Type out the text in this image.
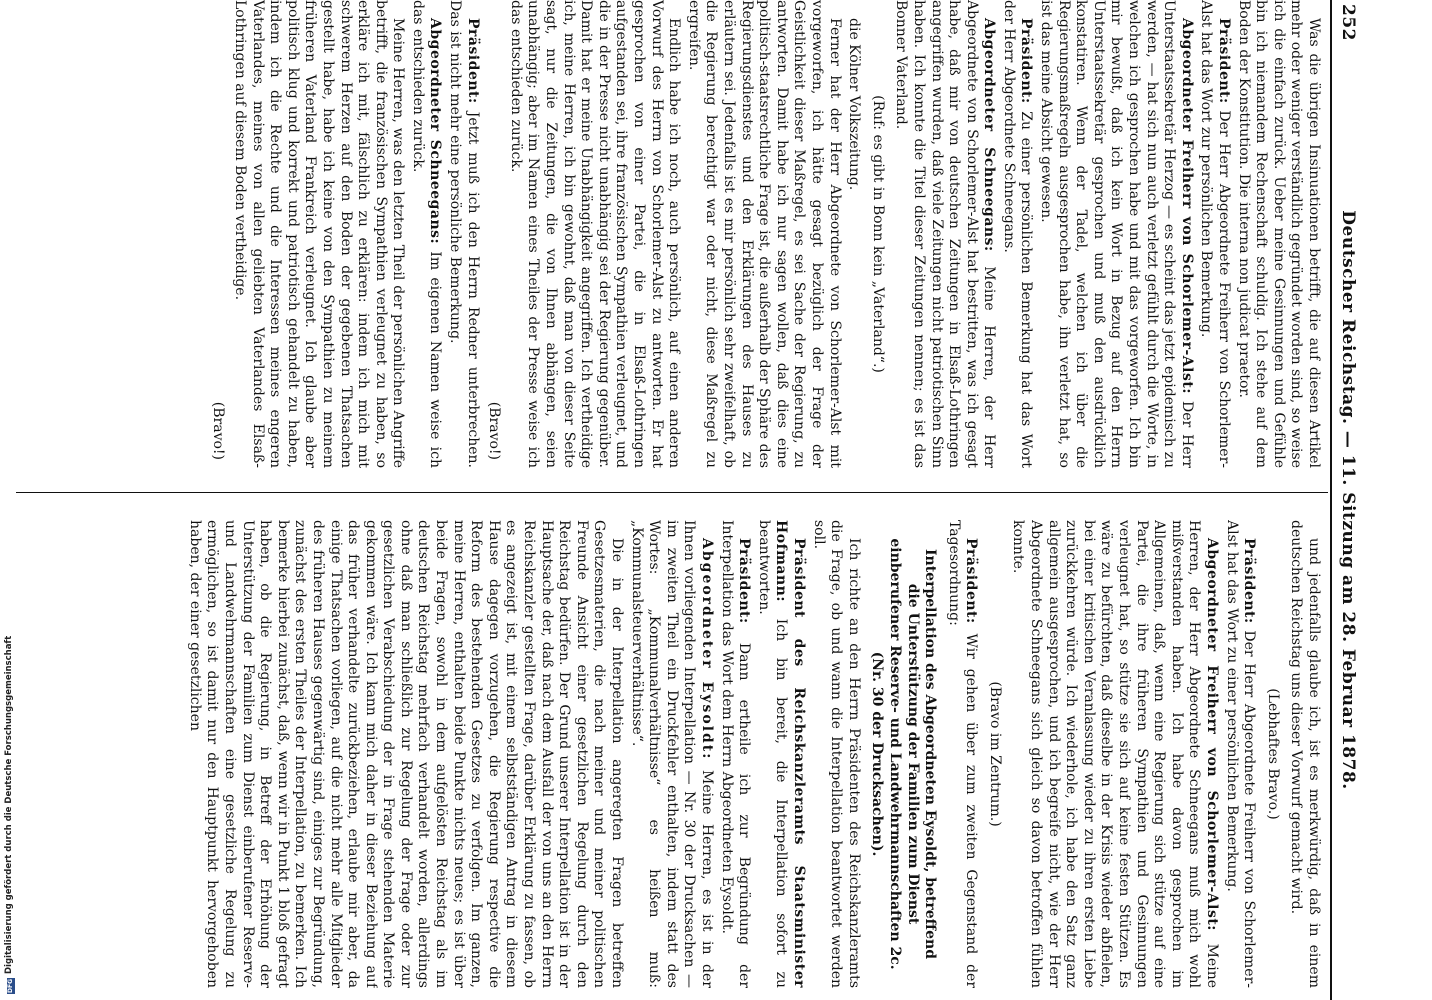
252
Deutscher Reichstag. — 11. Sitzung am 28. Februar 1878.

Was die übrigen Insinuationen betrifft, die auf diesen Artikel mehr oder weniger verständlich gegründet worden sind, so weise ich die einfach zurück. Ueber meine Gesinnungen und Gefühle bin ich niemandem Rechenschaft schuldig. Ich stehe auf dem Boden der Konstitution. Die interna non judicat praetor.

Präsident: Der Herr Abgeordnete Freiherr von Schorlemer-Alst hat das Wort zur persönlichen Bemerkung.

Abgeordneter Freiherr von Schorlemer-Alst: Der Herr Unterstaatssekretär Herzog — es scheint das jetzt epidemisch zu werden, — hat sich nun auch verletzt gefühlt durch die Worte, in welchen ich gesprochen habe und mit das vorgeworfen. Ich bin mir bewußt, daß ich kein Wort in Bezug auf den Herrn Unterstaatssekretär gesprochen und muß den ausdrücklich konstatiren. Wenn der Tadel, welchen ich über die Regierungsmaßregeln ausgesprochen habe, ihn verletzt hat, so ist das meine Absicht gewesen.

Präsident: Zu einer persönlichen Bemerkung hat das Wort der Herr Abgeordnete Schneegans.

Abgeordneter Schneegans: Meine Herren, der Herr Abgeordnete von Schorlemer-Alst hat bestritten, was ich gesagt habe, daß mir von deutschen Zeitungen in Elsaß-Lothringen angegriffen wurden, daß viele Zeitungen nicht patriotischen Sinn haben. Ich konnte die Titel dieser Zeitungen nennen; es ist das Bonner Vaterland.

(Ruf: es gibt in Bonn kein „Vaterland“.)

die Kölner Volkszeitung.

Ferner hat der Herr Abgeordnete von Schorlemer-Alst mit vorgeworfen, ich hätte gesagt bezüglich der Frage der Geistlichkeit dieser Maßregel, es sei Sache der Regierung, zu antworten. Damit habe ich nur sagen wollen, daß dies eine politisch-staatsrechtliche Frage ist, die außerhalb der Sphäre des Regierungsdienstes und den Erklärungen des Hauses zu erläutern sei. Jedenfalls ist es mir persönlich sehr zweifelhaft, ob die Regierung berechtigt war oder nicht, diese Maßregel zu ergreifen.

Endlich habe ich noch, auch persönlich, auf einen anderen Vorwurf des Herrn von Schorlemer-Alst zu antworten. Er hat gesprochen von einer Partei, die in Elsaß-Lothringen aufgestanden sei, ihre französischen Sympathien verleugnet, und die in der Presse nicht unabhängig sei der Regierung gegenüber. Damit hat er meine Unabhängigkeit angegriffen. Ich vertheidige ich, meine Herren, ich bin gewohnt, daß man von dieser Seite sagt, nur die Zeitungen, die von Ihnen abhängen, seien unabhängig; aber im Namen eines Theiles der Presse weise ich das entschieden zurück.

(Bravo!)

Präsident: Jetzt muß ich den Herrn Redner unterbrechen. Das ist nicht mehr eine persönliche Bemerkung.

Abgeordneter Schneegans: Im eigenen Namen weise ich das entschieden zurück.

Meine Herren, was den letzten Theil der persönlichen Angriffe betrifft, die französischen Sympathien verleugnet zu haben, so erkläre ich mit, fälschlich zu erklären: indem ich mich mit schwerem Herzen auf den Boden der gegebenen Thatsachen gestellt habe, habe ich keine von den Sympathien zu meinem früheren Vaterland Frankreich verleugnet. Ich glaube aber politisch klug und korrekt und patriotisch gehandelt zu haben, indem ich die Rechte und die Interessen meines engeren Vaterlandes, meines von allen geliebten Vaterlandes Elsaß-Lothringen auf diesem Boden vertheidige.

(Bravo!)

und jedenfalls glaube ich, ist es merkwürdig, daß in einem deutschen Reichstag uns dieser Vorwurf gemacht wird.

(Lebhaftes Bravo.)

Präsident: Der Herr Abgeordnete Freiherr von Schorlemer-Alst hat das Wort zu einer persönlichen Bemerkung.

Abgeordneter Freiherr von Schorlemer-Alst: Meine Herren, der Herr Abgeordnete Schneegans muß mich wohl mißverstanden haben. Ich habe davon gesprochen im Allgemeinen, daß, wenn eine Regierung sich stütze auf eine Partei, die ihre früheren Sympathien und Gesinnungen verleugnet hat, so stütze sie sich auf keine festen Stützen. Es wäre zu befürchten, daß dieselbe in der Krisis wieder abfielen, bei einer kritischen Veranlassung wieder zu ihren ersten Liebe zurückkehren würde. Ich wiederhole, ich habe den Satz ganz allgemein ausgesprochen, und ich begreife nicht, wie der Herr Abgeordnete Schneegans sich gleich so davon betroffen fühlen konnte.

(Bravo im Zentrum.)

Präsident: Wir gehen über zum zweiten Gegenstand der Tagesordnung:

Interpellation des Abgeordneten Eysoldt, betreffend die Unterstützung der Familien zum Dienst einberufener Reserve- und Landwehrmannschaften 2c. (Nr. 30 der Drucksachen).

Ich richte an den Herrn Präsidenten des Reichskanzleramts die Frage, ob und wann die Interpellation beantwortet werden soll.

Präsident des Reichskanzleramts Staatsminister Hofmann: Ich bin bereit, die Interpellation sofort zu beantworten.

Präsident: Dann ertheile ich zur Begründung der Interpellation das Wort dem Herrn Abgeordneten Eysoldt.

Abgeordneter Eysoldt: Meine Herren, es ist in der Ihnen vorliegenden Interpellation — Nr. 30 der Drucksachen — im zweiten Theil ein Druckfehler enthalten, indem statt des Wortes: „Kommunalverhältnisse“ es heißen muß: „Kommunalsteuerverhältnisse“.

Die in der Interpellation angeregten Fragen betreffen Gesetzesmaterien, die nach meiner und meiner politischen Freunde Ansicht einer gesetzlichen Regelung durch den Reichstag bedürfen. Der Grund unserer Interpellation ist in der Hauptsache der, daß nach dem Ausfall der von uns an den Herrn Reichskanzler gestellten Frage, darüber Erklärung zu fassen, ob es angezeigt ist, mit einem selbstständigen Antrag in diesem Hause dagegen vorzugehen, die Regierung respective die Reform des bestehenden Gesetzes zu verfolgen. Im ganzen, meine Herren, enthalten beide Punkte nichts neues; es ist über beide Fragen, sowohl in dem aufgelösten Reichstag als im deutschen Reichstag mehrfach verhandelt worden, allerdings ohne daß man schließlich zur Regelung der Frage oder zur gesetzlichen Verabschiedung der in Frage stehenden Materie gekommen wäre. Ich kann mich daher in dieser Beziehung auf das früher verhandelte zurückbeziehen, erlaube mir aber, da einige Thatsachen vorliegen, auf die nicht mehr alle Mitglieder des früheren Hauses gegenwärtig sind, einiges zur Begründung, zunächst des ersten Theiles der Interpellation, zu bemerken. Ich bemerke hierbei zunächst, daß, wenn wir in Punkt 1 bloß gefragt haben, ob die Regierung, in Betreff der Erhöhung der Unterstützung der Familien zum Dienst einberufener Reserve- und Landwehrmannschaften eine gesetzliche Regelung zu ermöglichen, so ist damit nur den Hauptpunkt hervorgehoben haben, der einer gesetzlichen

DFGDigitalisierung gefördert durch die Deutsche Forschungsgemeinschaft
